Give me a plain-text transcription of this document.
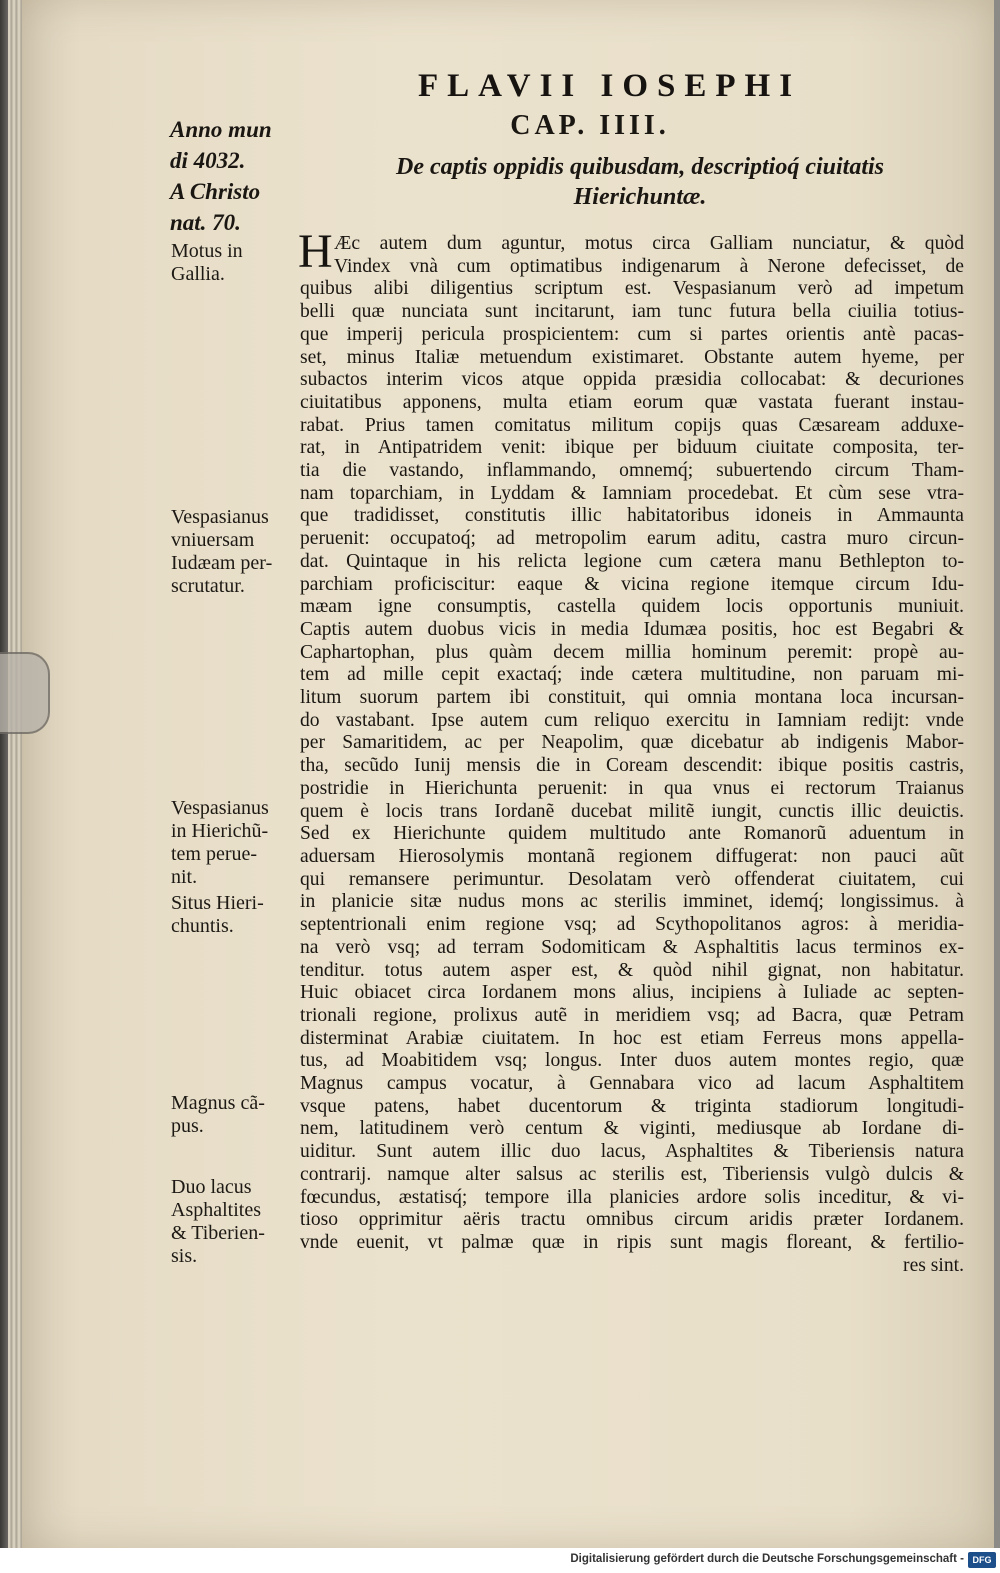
FLAVII IOSEPHI
CAP. IIII.
De captis oppidis quibusdam, descriptioq́ ciuitatis
Hierichuntæ.
Anno mun
di 4032.
A Christo
nat. 70.
Motus in
Gallia.
Vespasianus
vniuersam
Iudæam per-
scrutatur.
Vespasianus
in Hierichũ-
tem perue-
nit.
Situs Hieri-
chuntis.
Magnus cã-
pus.
Duo lacus
Asphaltites
& Tiberien-
sis.
H Æc autem dum aguntur, motus circa Galliam nunciatur, & quòd
Vindex vnà cum optimatibus indigenarum à Nerone defecisset, de
quibus alibi diligentius scriptum est. Vespasianum verò ad impetum
belli quæ nunciata sunt incitarunt, iam tunc futura bella ciuilia totius-
que imperij pericula prospicientem: cum si partes orientis antè pacas-
set, minus Italiæ metuendum existimaret. Obstante autem hyeme, per
subactos interim vicos atque oppida præsidia collocabat: & decuriones
ciuitatibus apponens, multa etiam eorum quæ vastata fuerant instau-
rabat. Prius tamen comitatus militum copijs quas Cæsaream adduxe-
rat, in Antipatridem venit: ibique per biduum ciuitate composita, ter-
tia die vastando, inflammando, omnemq́; subuertendo circum Tham-
nam toparchiam, in Lyddam & Iamniam procedebat. Et cùm sese vtra-
que tradidisset, constitutis illic habitatoribus idoneis in Ammaunta
peruenit: occupatoq́; ad metropolim earum aditu, castra muro circun-
dat. Quintaque in his relicta legione cum cætera manu Bethlepton to-
parchiam proficiscitur: eaque & vicina regione itemque circum Idu-
mæam igne consumptis, castella quidem locis opportunis muniuit.
Captis autem duobus vicis in media Idumæa positis, hoc est Begabri &
Caphartophan, plus quàm decem millia hominum peremit: propè au-
tem ad mille cepit exactaq́; inde cætera multitudine, non paruam mi-
litum suorum partem ibi constituit, qui omnia montana loca incursan-
do vastabant. Ipse autem cum reliquo exercitu in Iamniam redijt: vnde
per Samaritidem, ac per Neapolim, quæ dicebatur ab indigenis Mabor-
tha, secũdo Iunij mensis die in Coream descendit: ibique positis castris,
postridie in Hierichunta peruenit: in qua vnus ei rectorum Traianus
quem è locis trans Iordanẽ ducebat militẽ iungit, cunctis illic deuictis.
Sed ex Hierichunte quidem multitudo ante Romanorũ aduentum in
aduersam Hierosolymis montanã regionem diffugerat: non pauci aũt
qui remansere perimuntur. Desolatam verò offenderat ciuitatem, cui
in planicie sitæ nudus mons ac sterilis imminet, idemq́; longissimus. à
septentrionali enim regione vsq; ad Scythopolitanos agros: à meridia-
na verò vsq; ad terram Sodomiticam & Asphaltitis lacus terminos ex-
tenditur. totus autem asper est, & quòd nihil gignat, non habitatur.
Huic obiacet circa Iordanem mons alius, incipiens à Iuliade ac septen-
trionali regione, prolixus autẽ in meridiem vsq; ad Bacra, quæ Petram
disterminat Arabiæ ciuitatem. In hoc est etiam Ferreus mons appella-
tus, ad Moabitidem vsq; longus. Inter duos autem montes regio, quæ
Magnus campus vocatur, à Gennabara vico ad lacum Asphaltitem
vsque patens, habet ducentorum & triginta stadiorum longitudi-
nem, latitudinem verò centum & viginti, mediusque ab Iordane di-
uiditur. Sunt autem illic duo lacus, Asphaltites & Tiberiensis natura
contrarij. namque alter salsus ac sterilis est, Tiberiensis vulgò dulcis &
fœcundus, æstatisq́; tempore illa planicies ardore solis inceditur, & vi-
tioso opprimitur aëris tractu omnibus circum aridis præter Iordanem.
vnde euenit, vt palmæ quæ in ripis sunt magis floreant, & fertilio-
res sint.
Digitalisierung gefördert durch die Deutsche Forschungsgemeinschaft - DFG
